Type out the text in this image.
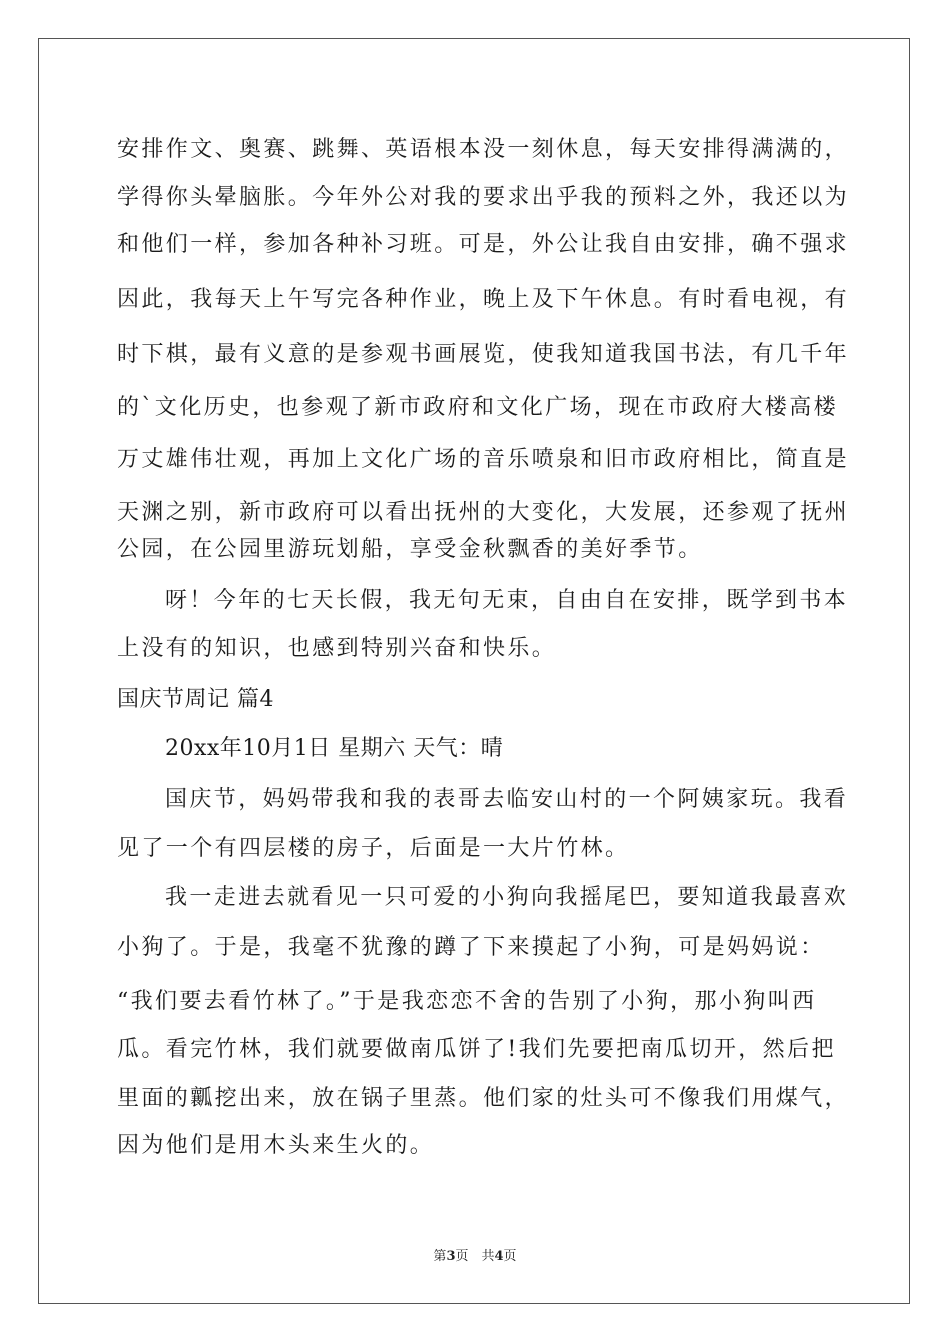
安排作文、奥赛、跳舞、英语根本没一刻休息，每天安排得满满的，
学得你头晕脑胀。今年外公对我的要求出乎我的预料之外，我还以为
和他们一样，参加各种补习班。可是，外公让我自由安排，确不强求
因此，我每天上午写完各种作业，晚上及下午休息。有时看电视，有
时下棋，最有义意的是参观书画展览，使我知道我国书法，有几千年
的`文化历史，也参观了新市政府和文化广场，现在市政府大楼高楼
万丈雄伟壮观，再加上文化广场的音乐喷泉和旧市政府相比，简直是
天渊之别，新市政府可以看出抚州的大变化，大发展，还参观了抚州
公园，在公园里游玩划船，享受金秋飘香的美好季节。
呀！今年的七天长假，我无句无束，自由自在安排，既学到书本
上没有的知识，也感到特别兴奋和快乐。
国庆节周记 篇4
20xx年10月1日 星期六 天气：晴
国庆节，妈妈带我和我的表哥去临安山村的一个阿姨家玩。我看
见了一个有四层楼的房子，后面是一大片竹林。
我一走进去就看见一只可爱的小狗向我摇尾巴，要知道我最喜欢
小狗了。于是，我毫不犹豫的蹲了下来摸起了小狗，可是妈妈说：
“我们要去看竹林了。”于是我恋恋不舍的告别了小狗，那小狗叫西
瓜。看完竹林，我们就要做南瓜饼了!我们先要把南瓜切开，然后把
里面的瓤挖出来，放在锅子里蒸。他们家的灶头可不像我们用煤气，
因为他们是用木头来生火的。
第3页　共4页
